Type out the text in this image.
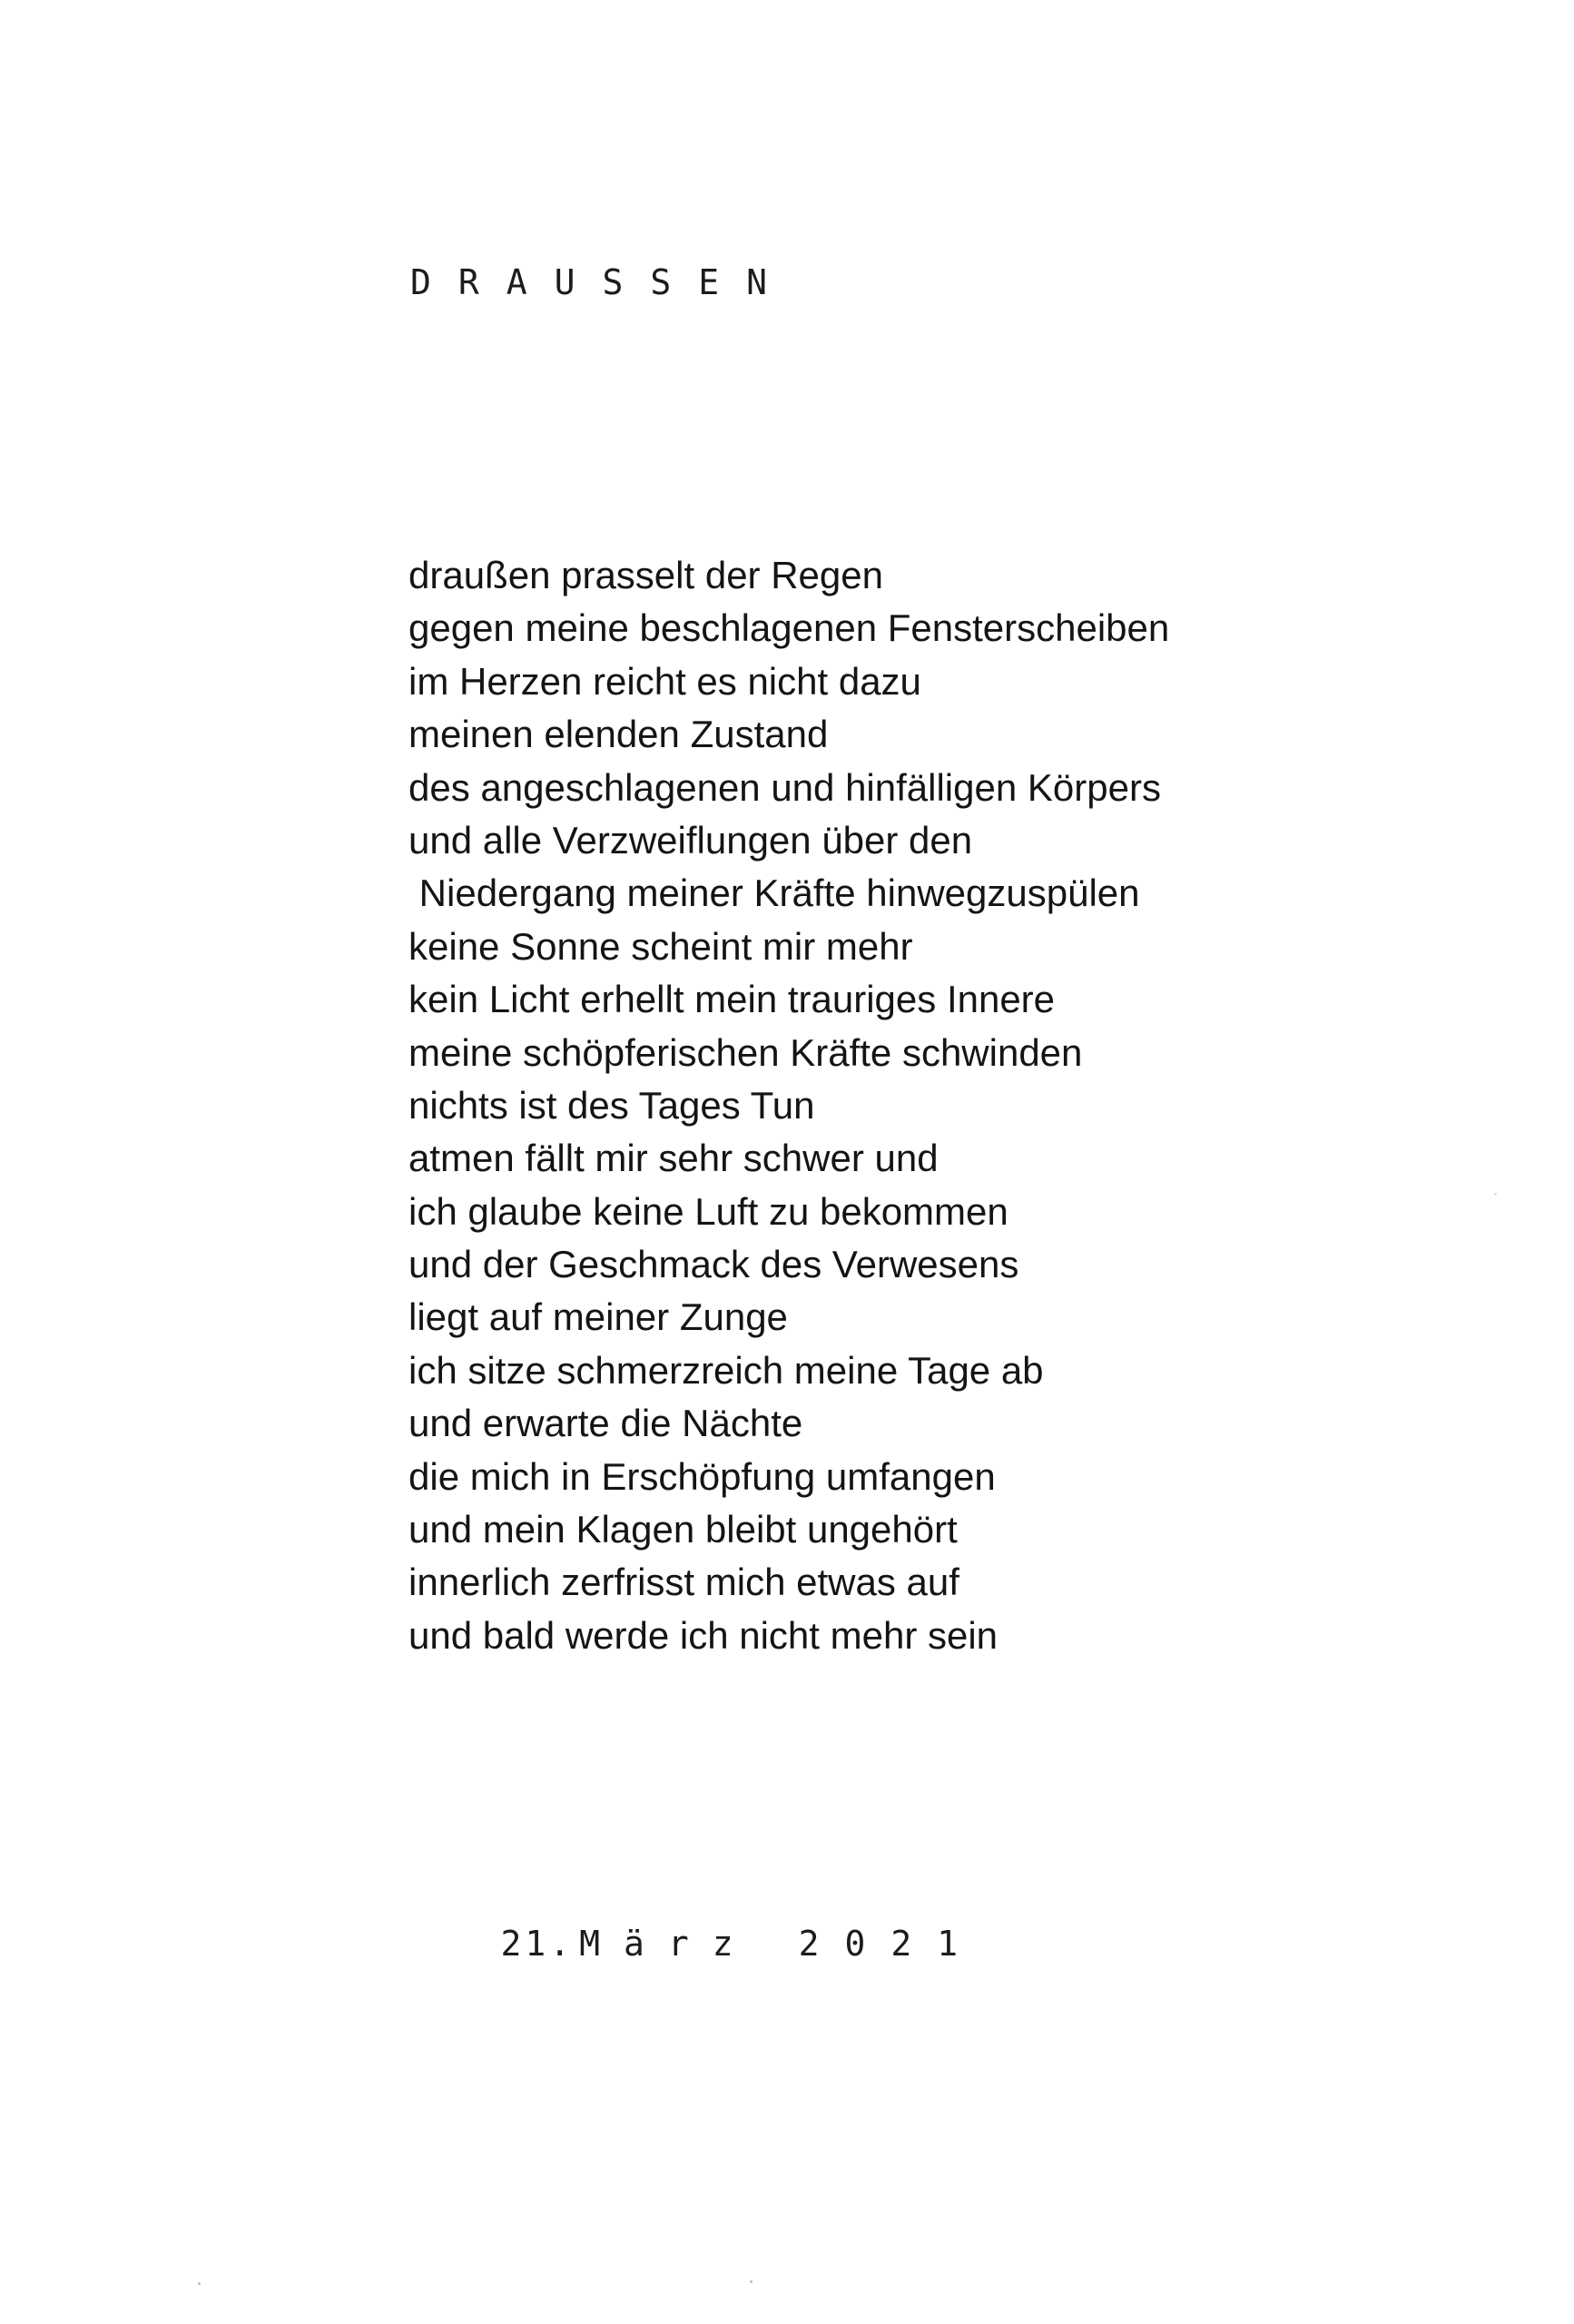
DRAUSSEN
draußen prasselt der Regen
gegen meine beschlagenen Fensterscheiben
im Herzen reicht es nicht dazu
meinen elenden Zustand
des angeschlagenen und hinfälligen Körpers
und alle Verzweiflungen über den
Niedergang meiner Kräfte hinwegzuspülen
keine Sonne scheint mir mehr
kein Licht erhellt mein trauriges Innere
meine schöpferischen Kräfte schwinden
nichts ist des Tages Tun
atmen fällt mir sehr schwer und
ich glaube keine Luft zu bekommen
und der Geschmack des Verwesens
liegt auf meiner Zunge
ich sitze schmerzreich meine Tage ab
und erwarte die Nächte
die mich in Erschöpfung umfangen
und mein Klagen bleibt ungehört
innerlich zerfrisst mich etwas auf
und bald werde ich nicht mehr sein

21. März 2021
